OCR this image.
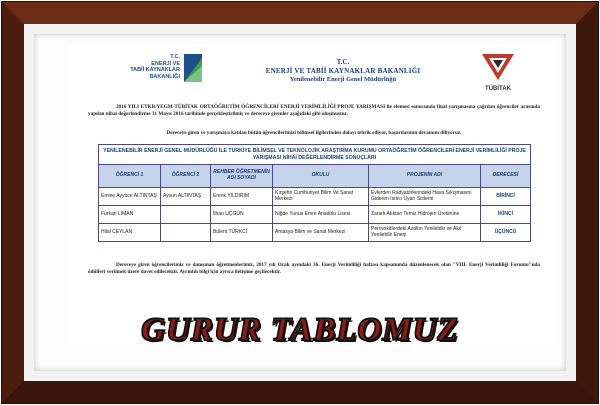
T.C.
ENERJİ VE
TABİİ KAYNAKLAR
BAKANLIĞI
T.C.
ENERJİ VE TABİİ KAYNAKLAR BAKANLIĞI
Yenilenebilir Enerji Genel Müdürlüğü
TÜBİTAK
2016 YILI ETKB/YEGM-TÜBİTAK ORTAÖĞRETİM ÖĞRENCİLERİ ENERJİ VERİMLİLİĞİ PROJE YARIŞMASI ile elemesi sonucunda final yarışmasına çağrılan öğrenciler arasında yapılan nihai değerlendirme 31 Mayıs 2016 tarihinde gerçekleştirilmiş ve dereceye girenler aşağıdaki gibi oluşmuştur.
Dereceye giren ve yarışmaya katılan bütün öğrencilerimizi bilimsel ilgilerinden dolayı tebrik ediyor, başarılarının devamını diliyoruz.
YENİLENEBİLİR ENERJİ GENEL MÜDÜRLÜĞÜ İLE TÜRKİYE BİLİMSEL VE TEKNOLOJİK ARAŞTIRMA KURUMU ORTAÖĞRETİM ÖĞRENCİLERİ ENERJİ VERİMLİLİĞİ PROJE YARIŞMASI NİHAİ DEĞERLENDİRME SONUÇLARI					
ÖĞRENCİ 1	ÖĞRENCİ 2	REHBER ÖĞRETMENİN ADI SOYADI	OKULU	PROJENİN ADI	DERECESİ
Emine Ayyüce ALTINTAŞ	Aysun ALTINTAŞ	Erenk YILDIRIM	Kırşehir Cumhuriyet Bilim Ve Sanat Merkezi	Evlerden Radyatörlerindeki Hava Sıkışmasını Gideren Isıtıcı Uyarı Sistemi	BİRİNCİ
Furkan LİMAN		İlhan UÇGÜN	Niğde Yunus Emre Anadolu Lisesi	Zararlı Atıktan Temiz Hidrojen Üretimine	İKİNCİ
Hilal CEYLAN		Bülent TÜRKCİ	Amasya Bilim ve Sanat Merkezi	Perovskitlerdeki Azaltın Yenilebilir ve Akıl Yenilebilir Enerji	ÜÇÜNCÜ
Dereceye giren öğrencilerimiz ve danışman öğretmenlerimiz, 2017 yılı Ocak ayındaki 36. Enerji Verimliliği haftası kapsamında düzenlenecek olan "VIII. Enerji Verimliliği Forumu"nda ödülleri verilmek üzere davet edilecektir. Ayrıntılı bilgi için ayrıca iletişime geçilecektir.
GURUR TABLOMUZ
